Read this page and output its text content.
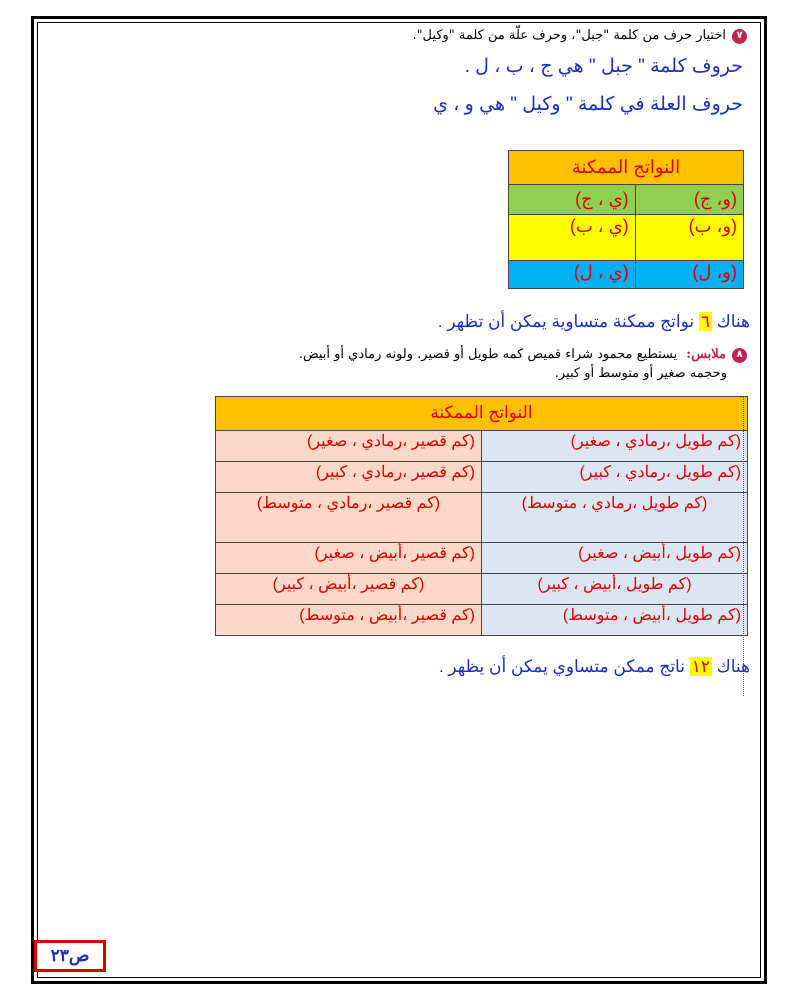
٧
اختيار حرف من كلمة "جبل"، وحرف علّة من كلمة "وكيل".
حروف كلمة " جبل " هي ج ، ب ، ل .
حروف العلة في كلمة " وكيل " هي و ، ي
النواتج الممكنة	
(و، ج)	(ي ، ج)
(و، ب)	(ي ، ب)
(و، ل)	(ي ، ل)
هناك ٦ نواتج ممكنة متساوية يمكن أن تظهر .
٨
ملابس:
يستطيع محمود شراء قميص كمه طويل أو قصير. ولونه رمادي أو أبيض.
وحجمه صغير أو متوسط أو كبير.
النواتج الممكنة	
(كم طويل ،رمادي ، صغير)	(كم قصير ،رمادي ، صغير)
(كم طويل ،رمادي ، كبير)	(كم قصير ،رمادي ، كبير)
(كم طويل ،رمادي ، متوسط)	(كم قصير ،رمادي ، متوسط)
(كم طويل ،أبيض ، صغير)	(كم قصير ،أبيض ، صغير)
(كم طويل ،أبيض ، كبير)	(كم قصير ،أبيض ، كبير)
(كم طويل ،أبيض ، متوسط)	(كم قصير ،أبيض ، متوسط)
هناك ١٢ ناتج ممكن متساوي يمكن أن يظهر .
ص٢٣
